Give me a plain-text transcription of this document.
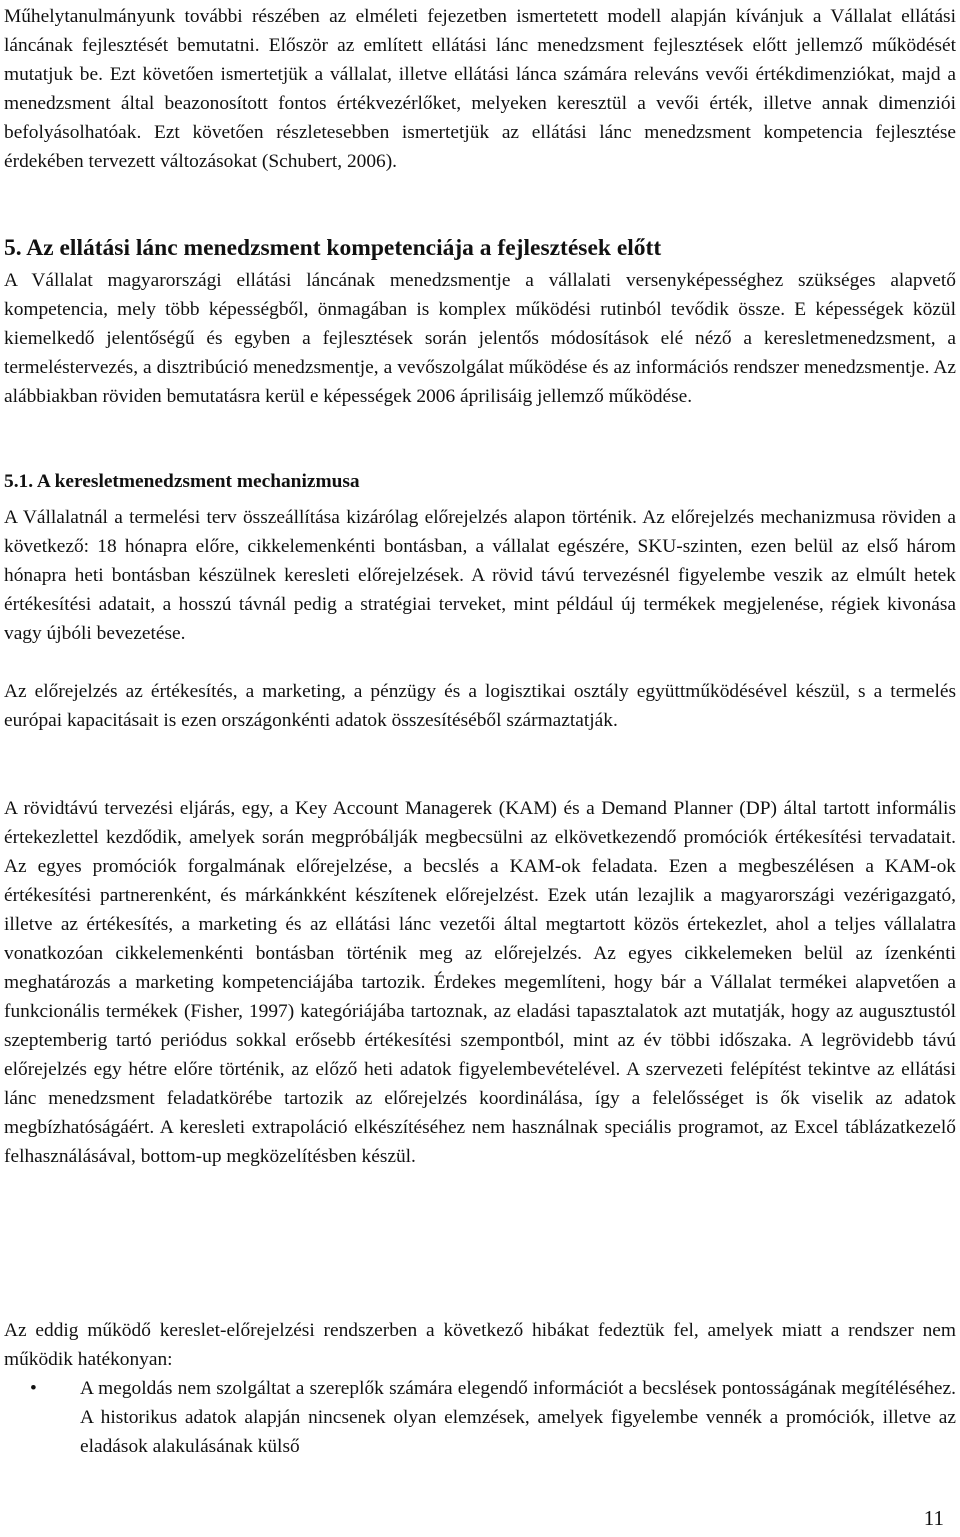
Műhelytanulmányunk további részében az elméleti fejezetben ismertetett modell alapján kívánjuk a Vállalat ellátási láncának fejlesztését bemutatni. Először az említett ellátási lánc menedzsment fejlesztések előtt jellemző működését mutatjuk be. Ezt követően ismertetjük a vállalat, illetve ellátási lánca számára releváns vevői értékdimenziókat, majd a menedzsment által beazonosított fontos értékvezérlőket, melyeken keresztül a vevői érték, illetve annak dimenziói befolyásolhatóak. Ezt követően részletesebben ismertetjük az ellátási lánc menedzsment kompetencia fejlesztése érdekében tervezett változásokat (Schubert, 2006).

5. Az ellátási lánc menedzsment kompetenciája a fejlesztések előtt

A Vállalat magyarországi ellátási láncának menedzsmentje a vállalati versenyképességhez szükséges alapvető kompetencia, mely több képességből, önmagában is komplex működési rutinból tevődik össze. E képességek közül kiemelkedő jelentőségű és egyben a fejlesztések során jelentős módosítások elé néző a keresletmenedzsment, a termeléstervezés, a disztribúció menedzsmentje, a vevőszolgálat működése és az információs rendszer menedzsmentje. Az alábbiakban röviden bemutatásra kerül e képességek 2006 áprilisáig jellemző működése.

5.1. A keresletmenedzsment mechanizmusa

A Vállalatnál a termelési terv összeállítása kizárólag előrejelzés alapon történik. Az előrejelzés mechanizmusa röviden a következő: 18 hónapra előre, cikkelemenkénti bontásban, a vállalat egészére, SKU-szinten, ezen belül az első három hónapra heti bontásban készülnek keresleti előrejelzések. A rövid távú tervezésnél figyelembe veszik az elmúlt hetek értékesítési adatait, a hosszú távnál pedig a stratégiai terveket, mint például új termékek megjelenése, régiek kivonása vagy újbóli bevezetése.

Az előrejelzés az értékesítés, a marketing, a pénzügy és a logisztikai osztály együttműködésével készül, s a termelés európai kapacitásait is ezen országonkénti adatok összesítéséből származtatják.

A rövidtávú tervezési eljárás, egy, a Key Account Managerek (KAM) és a Demand Planner (DP) által tartott informális értekezlettel kezdődik, amelyek során megpróbálják megbecsülni az elkövetkezendő promóciók értékesítési tervadatait. Az egyes promóciók forgalmának előrejelzése, a becslés a KAM-ok feladata. Ezen a megbeszélésen a KAM-ok értékesítési partnerenként, és márkánkként készítenek előrejelzést. Ezek után lezajlik a magyarországi vezérigazgató, illetve az értékesítés, a marketing és az ellátási lánc vezetői által megtartott közös értekezlet, ahol a teljes vállalatra vonatkozóan cikkelemenkénti bontásban történik meg az előrejelzés. Az egyes cikkelemeken belül az ízenkénti meghatározás a marketing kompetenciájába tartozik. Érdekes megemlíteni, hogy bár a Vállalat termékei alapvetően a funkcionális termékek (Fisher, 1997) kategóriájába tartoznak, az eladási tapasztalatok azt mutatják, hogy az augusztustól szeptemberig tartó periódus sokkal erősebb értékesítési szempontból, mint az év többi időszaka. A legrövidebb távú előrejelzés egy hétre előre történik, az előző heti adatok figyelembevételével. A szervezeti felépítést tekintve az ellátási lánc menedzsment feladatkörébe tartozik az előrejelzés koordinálása, így a felelősséget is ők viselik az adatok megbízhatóságáért. A keresleti extrapoláció elkészítéséhez nem használnak speciális programot, az Excel táblázatkezelő felhasználásával, bottom-up megközelítésben készül.

Az eddig működő kereslet-előrejelzési rendszerben a következő hibákat fedeztük fel, amelyek miatt a rendszer nem működik hatékonyan:

• A megoldás nem szolgáltat a szereplők számára elegendő információt a becslések pontosságának megítéléséhez. A historikus adatok alapján nincsenek olyan elemzések, amelyek figyelembe vennék a promóciók, illetve az eladások alakulásának külső
11
